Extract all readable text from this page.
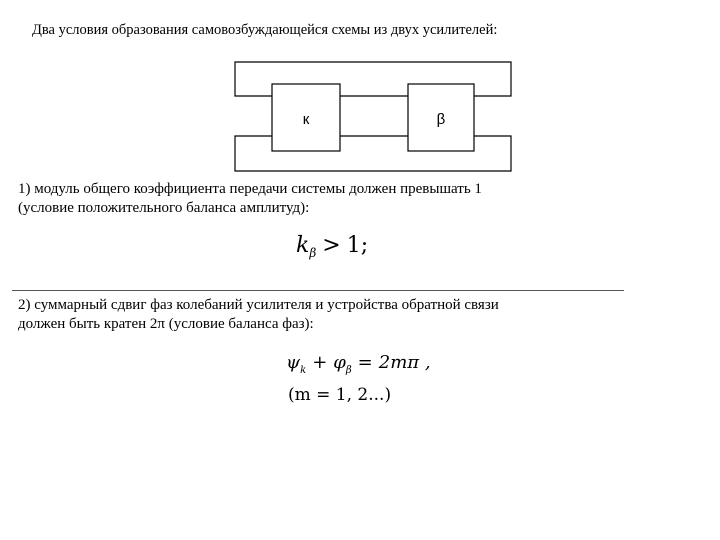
Два условия образования самовозбуждающейся схемы из двух усилителей:
к	β
1) модуль общего коэффициента передачи системы должен превышать 1
(условие положительного баланса амплитуд):
$k_\beta > 1$;
2) суммарный сдвиг фаз колебаний усилителя и устройства обратной связи
должен быть кратен 2π (условие баланса фаз):
$\psi_k + \varphi_\beta = 2m\pi$ ,
(m = 1, 2...)
